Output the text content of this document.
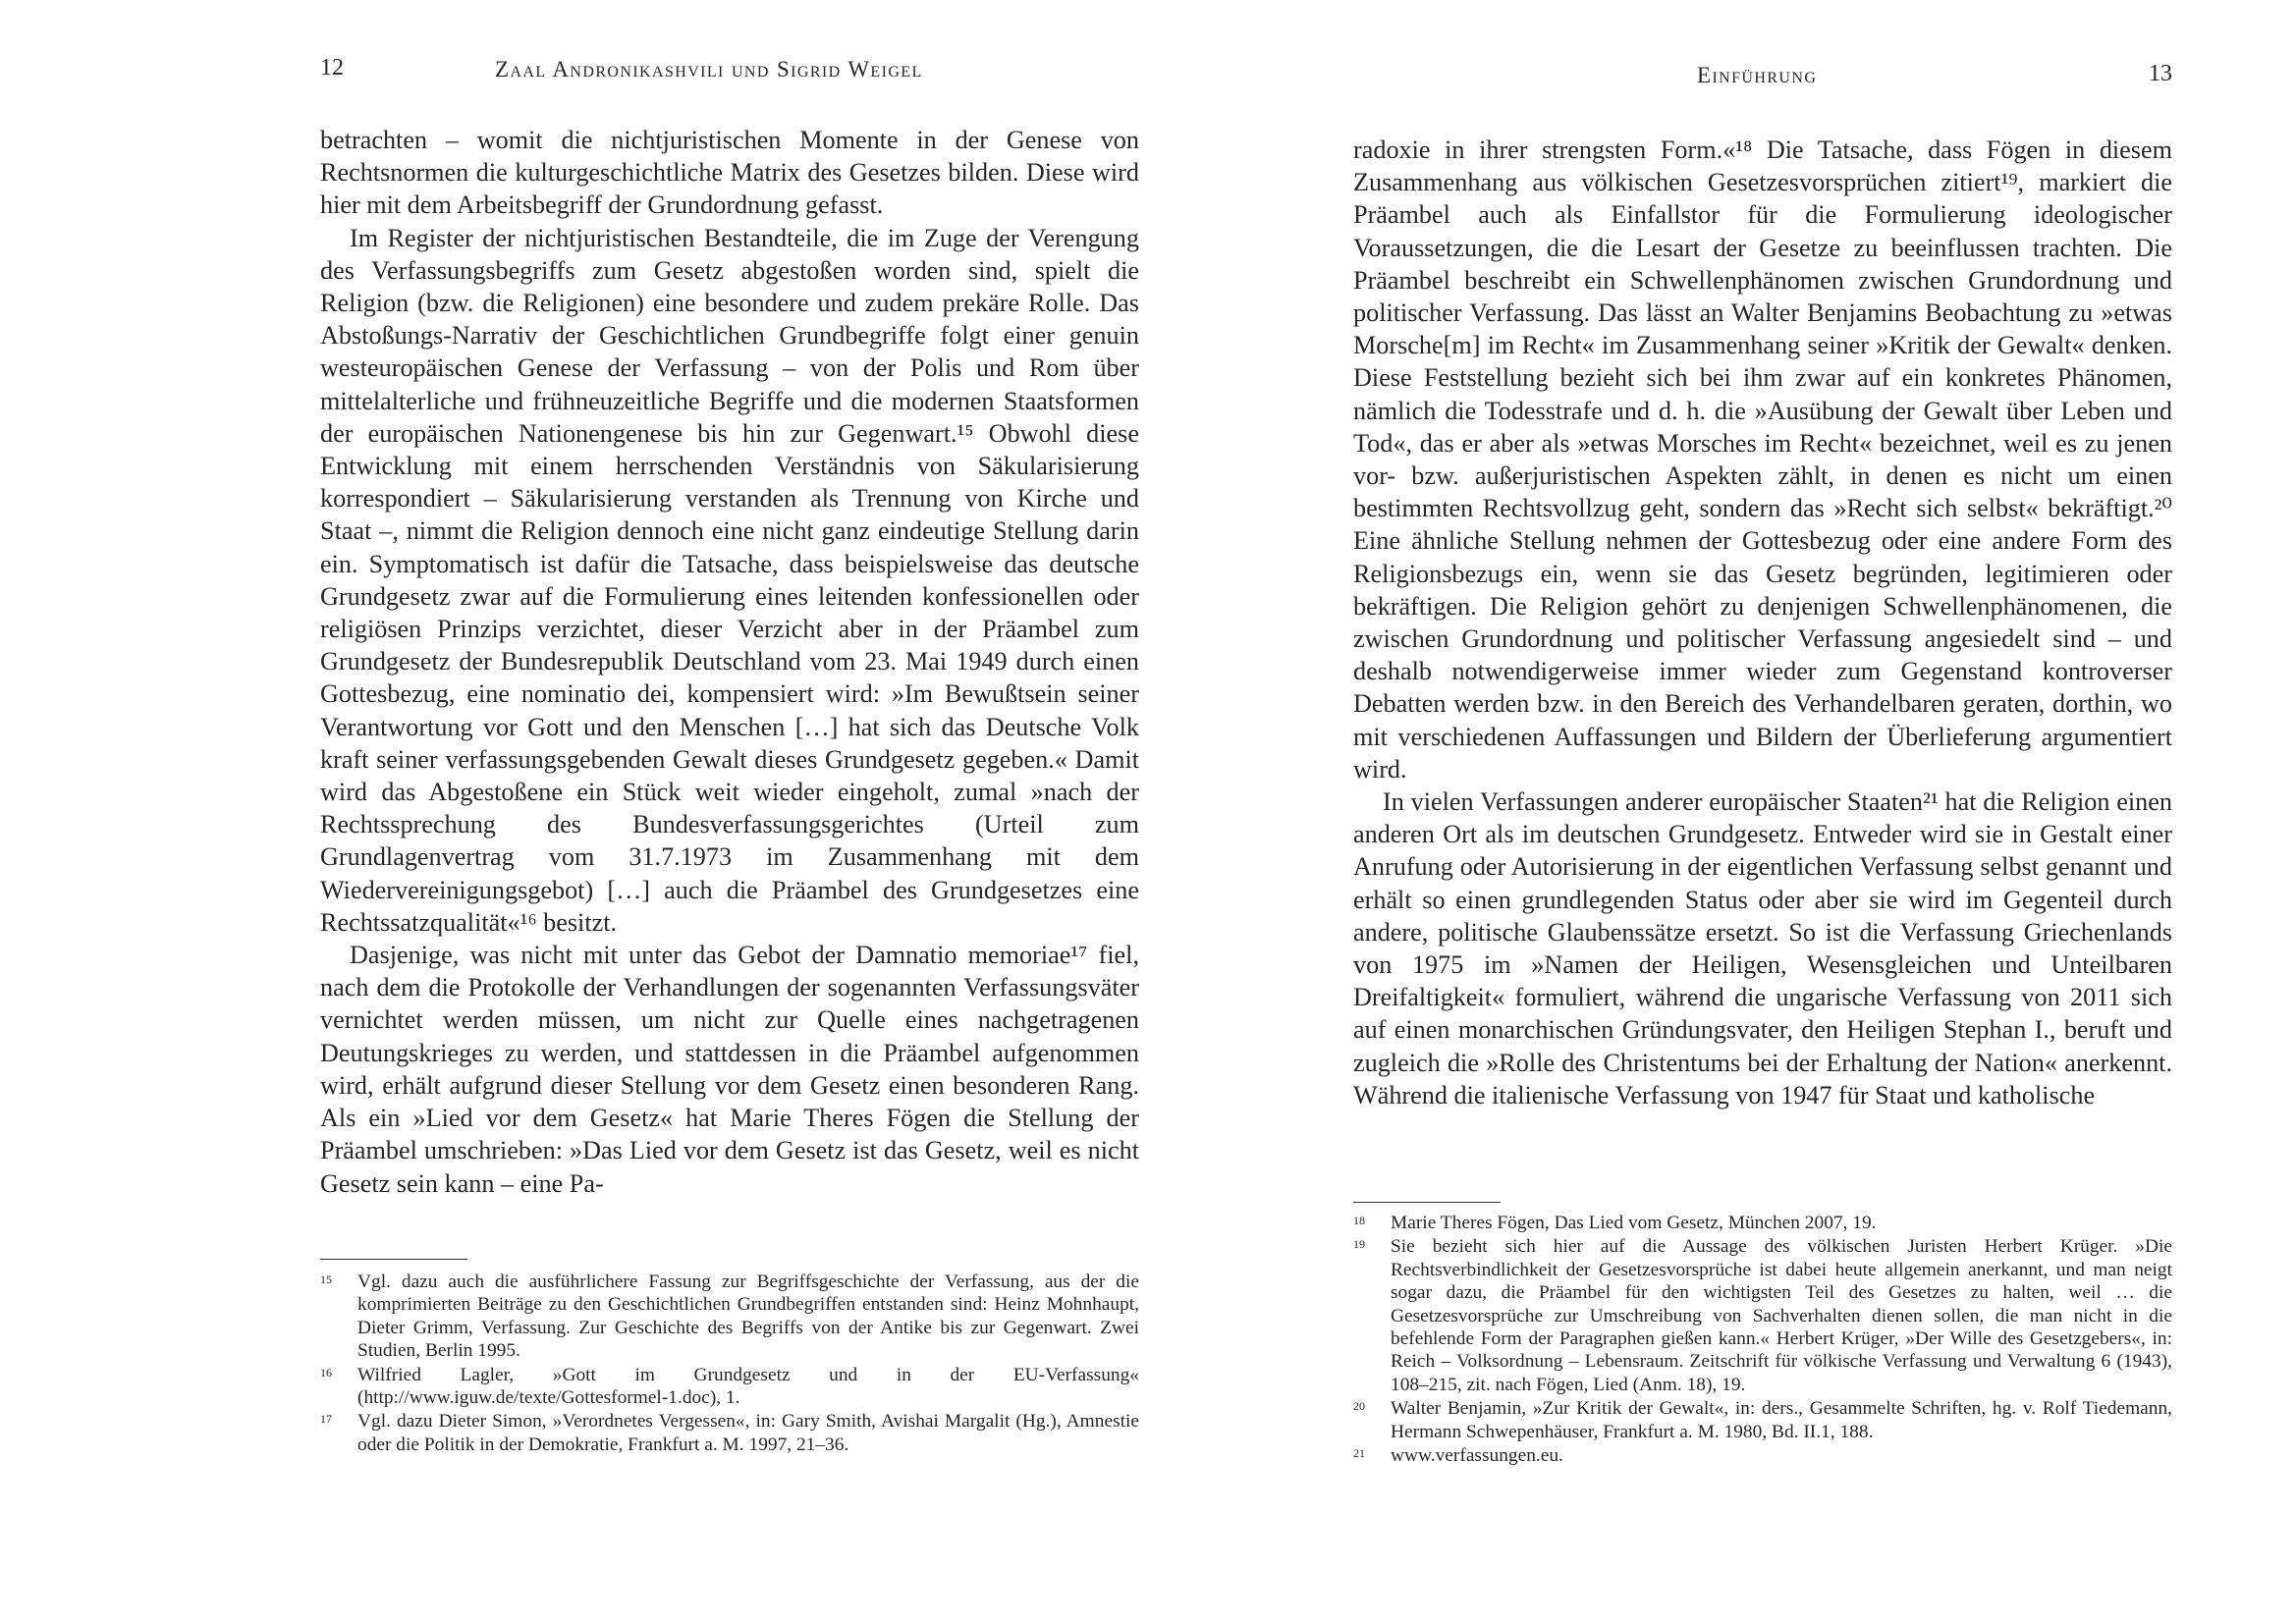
12	Zaal Andronikashvili und Sigrid Weigel

betrachten – womit die nichtjuristischen Momente in der Genese von Rechtsnormen die kulturgeschichtliche Matrix des Gesetzes bilden. Diese wird hier mit dem Arbeitsbegriff der Grundordnung gefasst.

Im Register der nichtjuristischen Bestandteile, die im Zuge der Verengung des Verfassungsbegriffs zum Gesetz abgestoßen worden sind, spielt die Religion (bzw. die Religionen) eine besondere und zudem prekäre Rolle. Das Abstoßungs-Narrativ der Geschichtlichen Grundbegriffe folgt einer genuin westeuropäischen Genese der Verfassung – von der Polis und Rom über mittelalterliche und frühneuzeitliche Begriffe und die modernen Staatsformen der europäischen Nationengenese bis hin zur Gegenwart.¹⁵ Obwohl diese Entwicklung mit einem herrschenden Verständnis von Säkularisierung korrespondiert – Säkularisierung verstanden als Trennung von Kirche und Staat –, nimmt die Religion dennoch eine nicht ganz eindeutige Stellung darin ein. Symptomatisch ist dafür die Tatsache, dass beispielsweise das deutsche Grundgesetz zwar auf die Formulierung eines leitenden konfessionellen oder religiösen Prinzips verzichtet, dieser Verzicht aber in der Präambel zum Grundgesetz der Bundesrepublik Deutschland vom 23. Mai 1949 durch einen Gottesbezug, eine nominatio dei, kompensiert wird: »Im Bewußtsein seiner Verantwortung vor Gott und den Menschen […] hat sich das Deutsche Volk kraft seiner verfassungsgebenden Gewalt dieses Grundgesetz gegeben.« Damit wird das Abgestoßene ein Stück weit wieder eingeholt, zumal »nach der Rechtssprechung des Bundesverfassungsgerichtes (Urteil zum Grundlagenvertrag vom 31.7.1973 im Zusammenhang mit dem Wiedervereinigungsgebot) […] auch die Präambel des Grundgesetzes eine Rechtssatzqualität«¹⁶ besitzt.

Dasjenige, was nicht mit unter das Gebot der Damnatio memoriae¹⁷ fiel, nach dem die Protokolle der Verhandlungen der sogenannten Verfassungsväter vernichtet werden müssen, um nicht zur Quelle eines nachgetragenen Deutungskrieges zu werden, und stattdessen in die Präambel aufgenommen wird, erhält aufgrund dieser Stellung vor dem Gesetz einen besonderen Rang. Als ein »Lied vor dem Gesetz« hat Marie Theres Fögen die Stellung der Präambel umschrieben: »Das Lied vor dem Gesetz ist das Gesetz, weil es nicht Gesetz sein kann – eine Pa-

15	Vgl. dazu auch die ausführlichere Fassung zur Begriffsgeschichte der Verfassung, aus der die komprimierten Beiträge zu den Geschichtlichen Grundbegriffen entstanden sind: Heinz Mohnhaupt, Dieter Grimm, Verfassung. Zur Geschichte des Begriffs von der Antike bis zur Gegenwart. Zwei Studien, Berlin 1995.
16	Wilfried Lagler, »Gott im Grundgesetz und in der EU-Verfassung« (http://www.iguw.de/texte/Gottesformel-1.doc), 1.
17	Vgl. dazu Dieter Simon, »Verordnetes Vergessen«, in: Gary Smith, Avishai Margalit (Hg.), Amnestie oder die Politik in der Demokratie, Frankfurt a. M. 1997, 21–36.
Einführung	13

radoxie in ihrer strengsten Form.«¹⁸ Die Tatsache, dass Fögen in diesem Zusammenhang aus völkischen Gesetzesvorsprüchen zitiert¹⁹, markiert die Präambel auch als Einfallstor für die Formulierung ideologischer Voraussetzungen, die die Lesart der Gesetze zu beeinflussen trachten. Die Präambel beschreibt ein Schwellenphänomen zwischen Grundordnung und politischer Verfassung. Das lässt an Walter Benjamins Beobachtung zu »etwas Morsche[m] im Recht« im Zusammenhang seiner »Kritik der Gewalt« denken. Diese Feststellung bezieht sich bei ihm zwar auf ein konkretes Phänomen, nämlich die Todesstrafe und d. h. die »Ausübung der Gewalt über Leben und Tod«, das er aber als »etwas Morsches im Recht« bezeichnet, weil es zu jenen vor- bzw. außerjuristischen Aspekten zählt, in denen es nicht um einen bestimmten Rechtsvollzug geht, sondern das »Recht sich selbst« bekräftigt.²⁰ Eine ähnliche Stellung nehmen der Gottesbezug oder eine andere Form des Religionsbezugs ein, wenn sie das Gesetz begründen, legitimieren oder bekräftigen. Die Religion gehört zu denjenigen Schwellenphänomenen, die zwischen Grundordnung und politischer Verfassung angesiedelt sind – und deshalb notwendigerweise immer wieder zum Gegenstand kontroverser Debatten werden bzw. in den Bereich des Verhandelbaren geraten, dorthin, wo mit verschiedenen Auffassungen und Bildern der Überlieferung argumentiert wird.

In vielen Verfassungen anderer europäischer Staaten²¹ hat die Religion einen anderen Ort als im deutschen Grundgesetz. Entweder wird sie in Gestalt einer Anrufung oder Autorisierung in der eigentlichen Verfassung selbst genannt und erhält so einen grundlegenden Status oder aber sie wird im Gegenteil durch andere, politische Glaubenssätze ersetzt. So ist die Verfassung Griechenlands von 1975 im »Namen der Heiligen, Wesensgleichen und Unteilbaren Dreifaltigkeit« formuliert, während die ungarische Verfassung von 2011 sich auf einen monarchischen Gründungsvater, den Heiligen Stephan I., beruft und zugleich die »Rolle des Christentums bei der Erhaltung der Nation« anerkennt. Während die italienische Verfassung von 1947 für Staat und katholische

18	Marie Theres Fögen, Das Lied vom Gesetz, München 2007, 19.
19	Sie bezieht sich hier auf die Aussage des völkischen Juristen Herbert Krüger. »Die Rechtsverbindlichkeit der Gesetzesvorsprüche ist dabei heute allgemein anerkannt, und man neigt sogar dazu, die Präambel für den wichtigsten Teil des Gesetzes zu halten, weil … die Gesetzesvorsprüche zur Umschreibung von Sachverhalten dienen sollen, die man nicht in die befehlende Form der Paragraphen gießen kann.« Herbert Krüger, »Der Wille des Gesetzgebers«, in: Reich – Volksordnung – Lebensraum. Zeitschrift für völkische Verfassung und Verwaltung 6 (1943), 108–215, zit. nach Fögen, Lied (Anm. 18), 19.
20	Walter Benjamin, »Zur Kritik der Gewalt«, in: ders., Gesammelte Schriften, hg. v. Rolf Tiedemann, Hermann Schwepenhäuser, Frankfurt a. M. 1980, Bd. II.1, 188.
21	www.verfassungen.eu.
